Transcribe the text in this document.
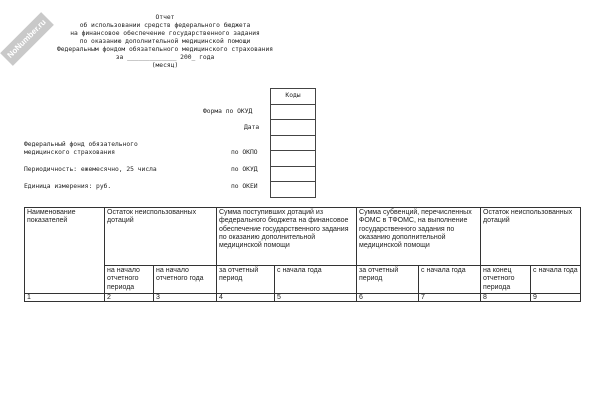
NoNumber.ru
Отчет
об использовании средств федерального бюджета
на финансовое обеспечение государственного задания
по оказанию дополнительной медицинской помощи
Федеральным фондом обязательного медицинского страхования
за _____________ 200_ года
(месяц)
Коды

Форма по ОКУД
Дата
Федеральный фонд обязательного
медицинского страхования	по ОКПО
Периодичность: ежемесячно, 25 числа	по ОКУД
Единица измерения: руб.	по ОКЕИ
Наименование показателей	Остаток неиспользованных дотаций		Сумма поступивших дотаций из федерального бюджета на финансовое обеспечение государственного задания по оказанию дополнительной медицинской помощи		Сумма субвенций, перечисленных ФОМС в ТФОМС, на выполнение государственного задания по оказанию дополнительной медицинской помощи		Остаток неиспользованных дотаций	
	на начало отчетного периода	на начало отчетного года	за отчетный период	с начала года	за отчетный период	с начала года	на конец отчетного периода	с начала года
1	2	3	4	5	6	7	8	9
